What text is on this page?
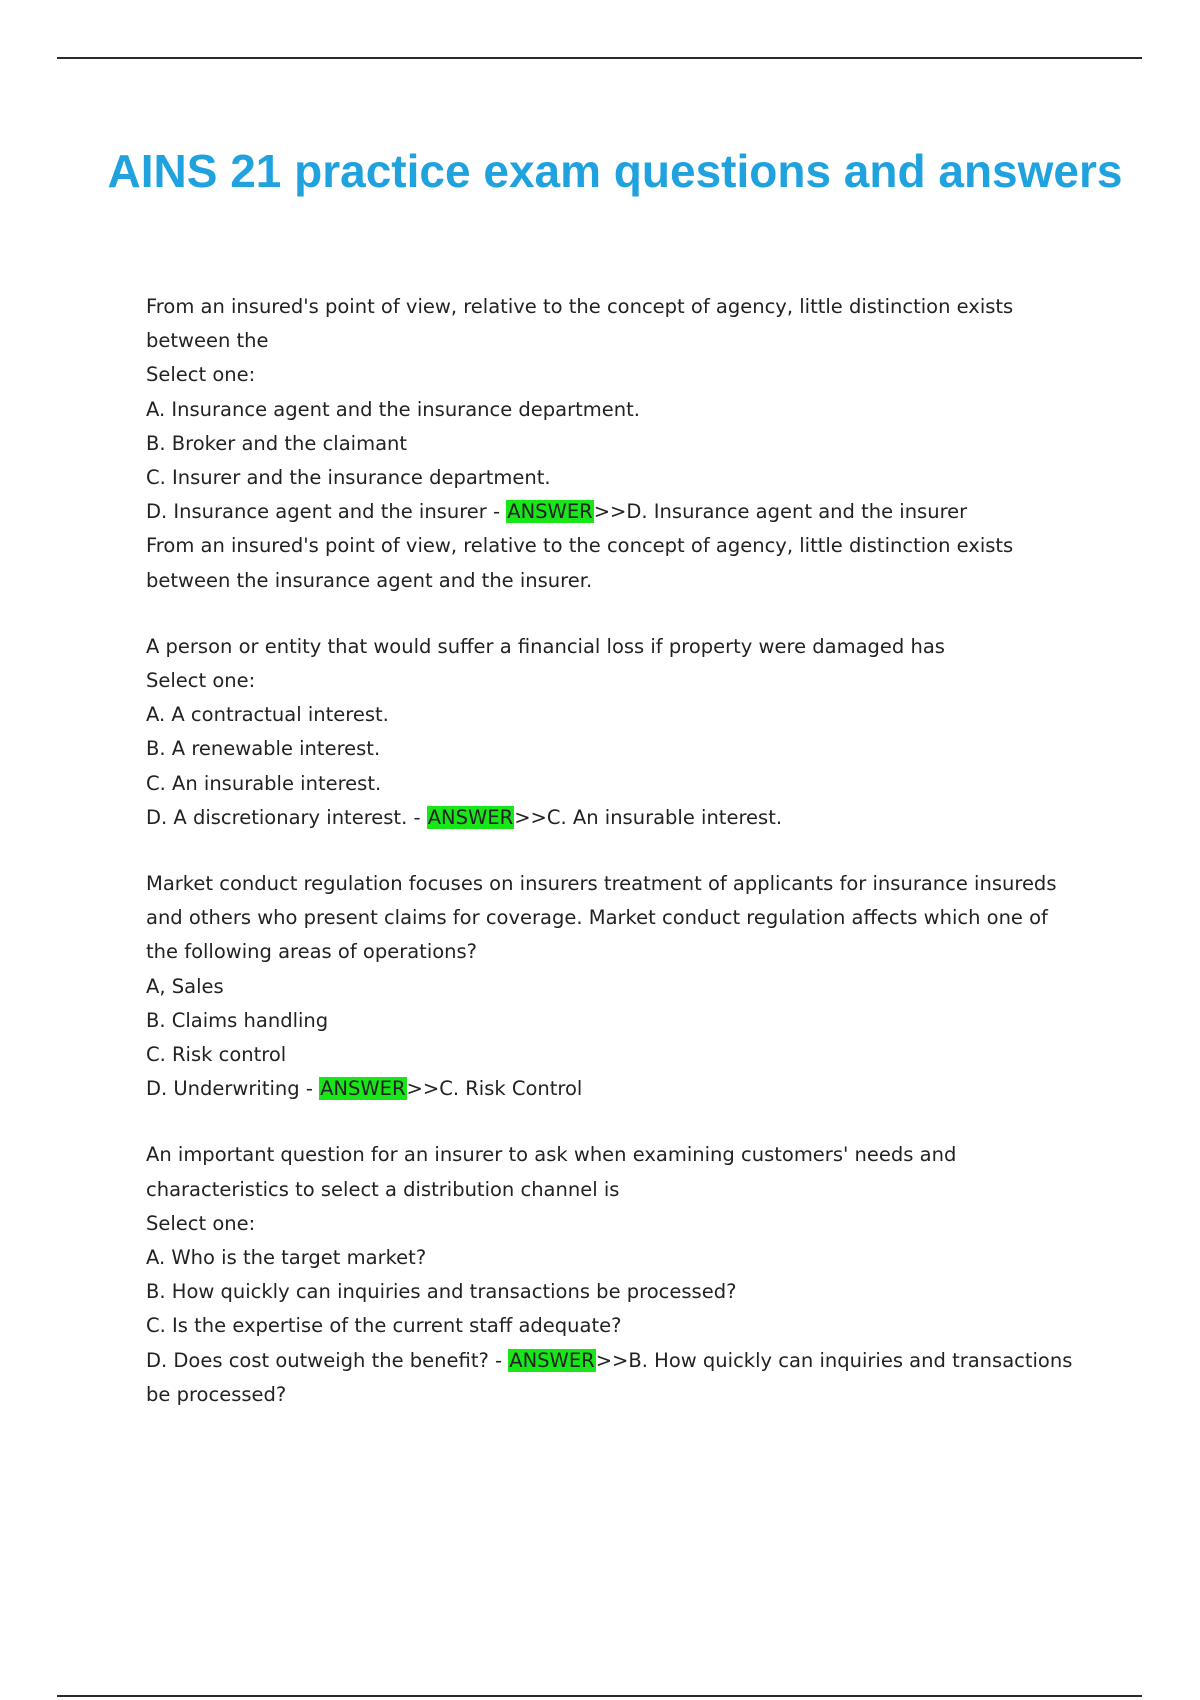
AINS 21 practice exam questions and answers

From an insured's point of view, relative to the concept of agency, little distinction exists between the

Select one:

A. Insurance agent and the insurance department.

B. Broker and the claimant

C. Insurer and the insurance department.

D. Insurance agent and the insurer - ANSWER>>D. Insurance agent and the insurer

From an insured's point of view, relative to the concept of agency, little distinction exists between the insurance agent and the insurer.

A person or entity that would suffer a financial loss if property were damaged has

Select one:

A. A contractual interest.

B. A renewable interest.

C. An insurable interest.

D. A discretionary interest. - ANSWER>>C. An insurable interest.

Market conduct regulation focuses on insurers treatment of applicants for insurance insureds and others who present claims for coverage. Market conduct regulation affects which one of the following areas of operations?

A, Sales

B. Claims handling

C. Risk control

D. Underwriting - ANSWER>>C. Risk Control

An important question for an insurer to ask when examining customers' needs and characteristics to select a distribution channel is

Select one:

A. Who is the target market?

B. How quickly can inquiries and transactions be processed?

C. Is the expertise of the current staff adequate?

D. Does cost outweigh the benefit? - ANSWER>>B. How quickly can inquiries and transactions be processed?
